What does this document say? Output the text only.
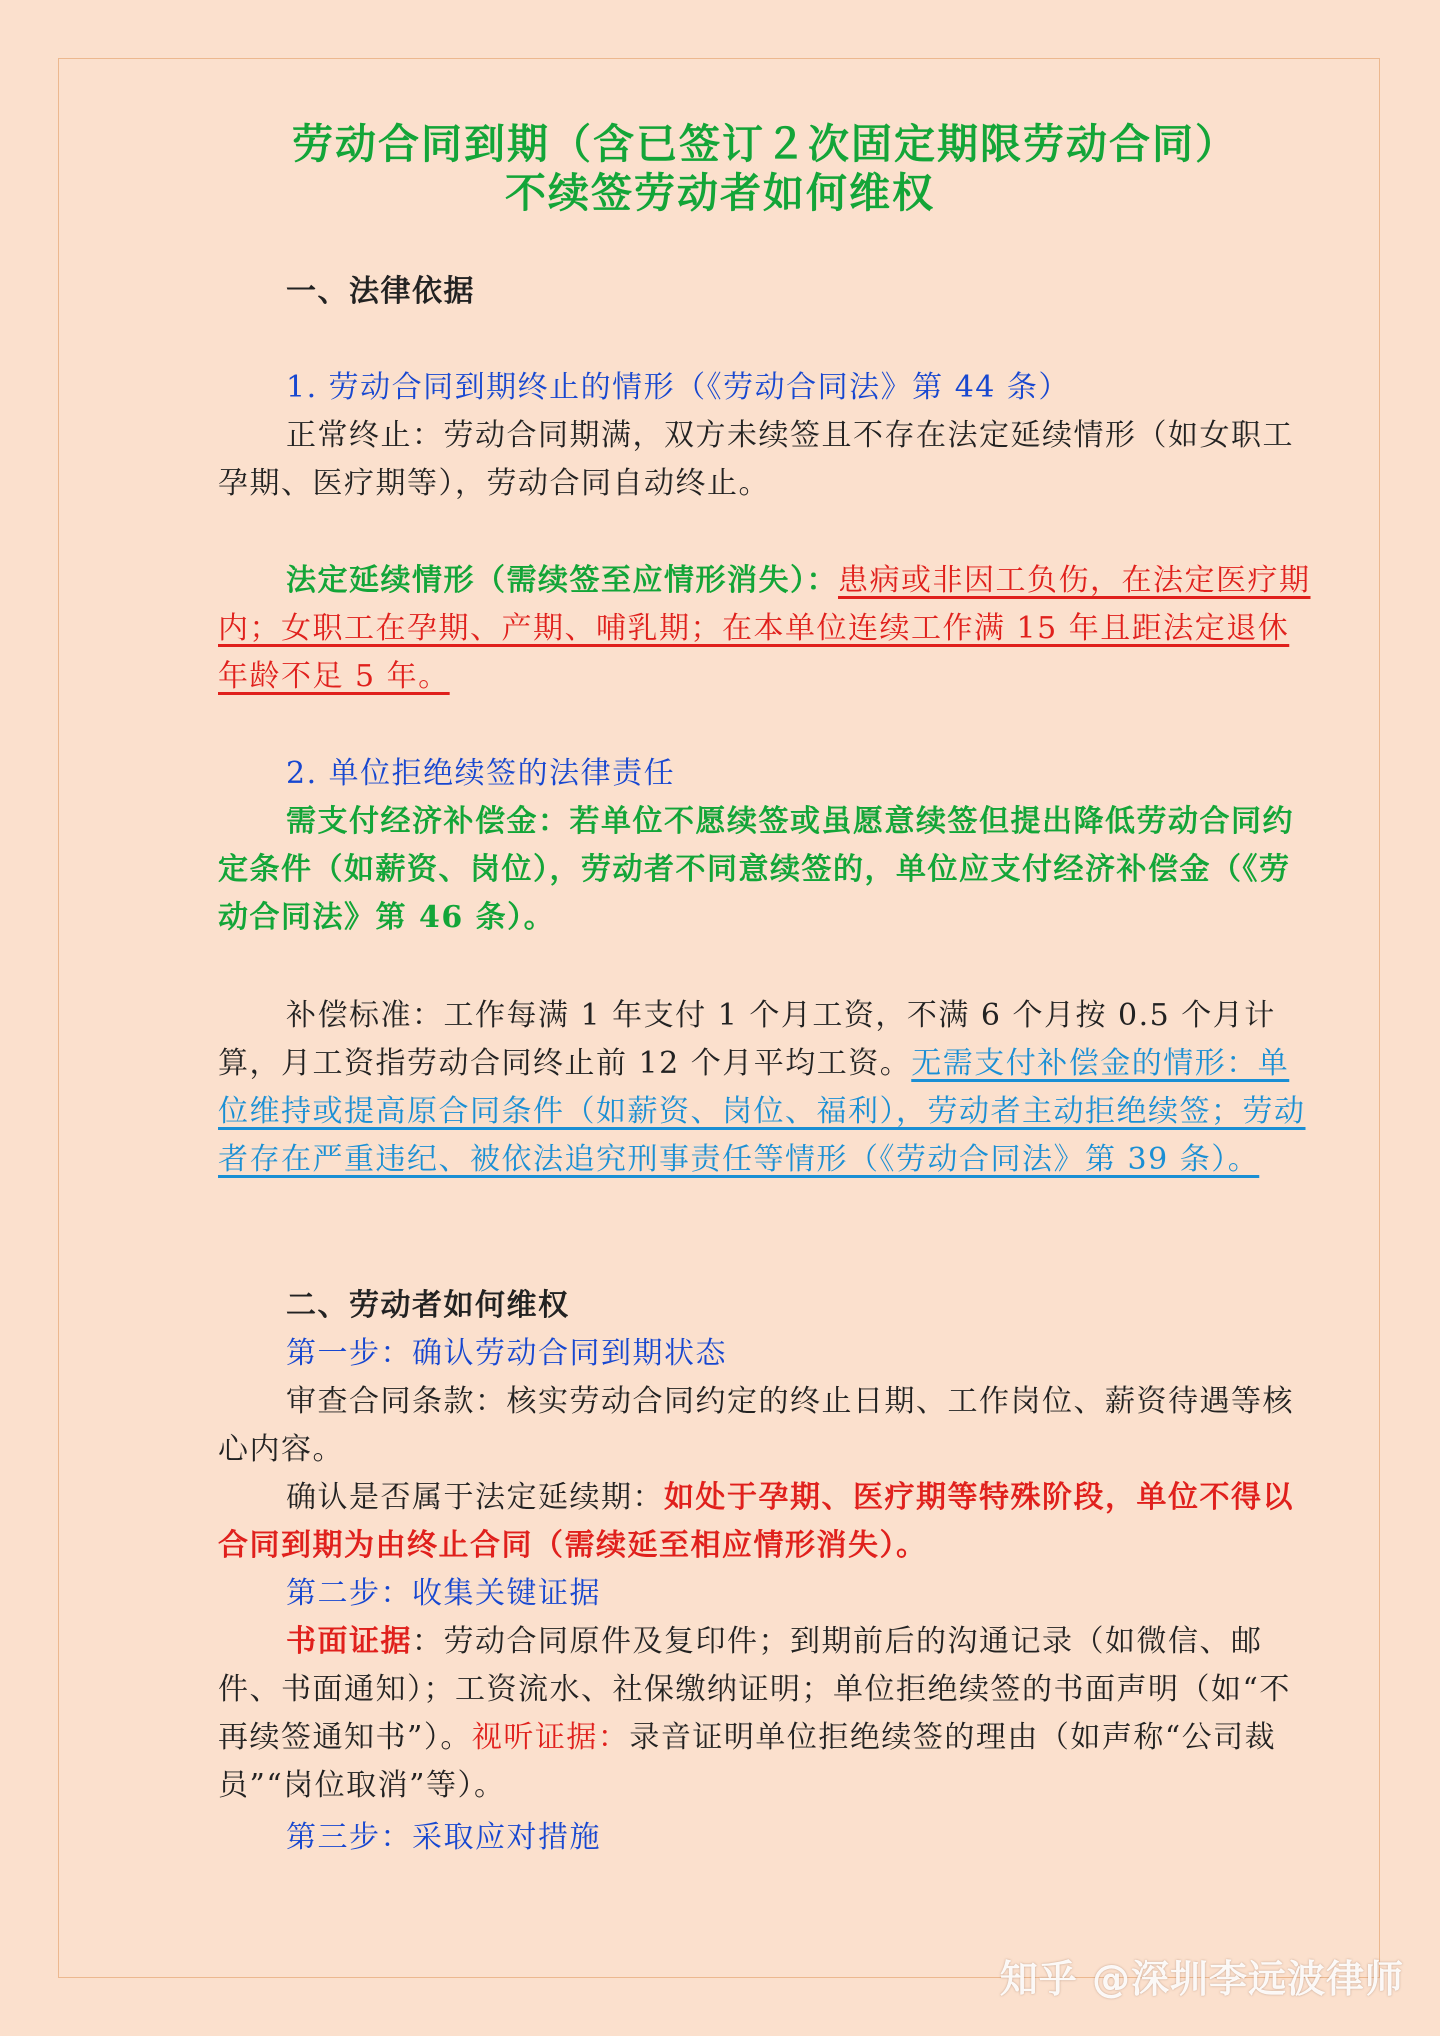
劳动合同到期（含已签订２次固定期限劳动合同）
不续签劳动者如何维权
一、法律依据
1. 劳动合同到期终止的情形（《劳动合同法》第 44 条）
正常终止：劳动合同期满，双方未续签且不存在法定延续情形（如女职工孕期、医疗期等），劳动合同自动终止。
法定延续情形（需续签至应情形消失）：患病或非因工负伤，在法定医疗期内；女职工在孕期、产期、哺乳期；在本单位连续工作满 15 年且距法定退休年龄不足 5 年。
2. 单位拒绝续签的法律责任
需支付经济补偿金：若单位不愿续签或虽愿意续签但提出降低劳动合同约定条件（如薪资、岗位），劳动者不同意续签的，单位应支付经济补偿金（《劳动合同法》第 46 条）。
补偿标准：工作每满 1 年支付 1 个月工资，不满 6 个月按 0.5 个月计算，月工资指劳动合同终止前 12 个月平均工资。无需支付补偿金的情形：单位维持或提高原合同条件（如薪资、岗位、福利），劳动者主动拒绝续签；劳动者存在严重违纪、被依法追究刑事责任等情形（《劳动合同法》第 39 条）。
二、劳动者如何维权
第一步：确认劳动合同到期状态
审查合同条款：核实劳动合同约定的终止日期、工作岗位、薪资待遇等核心内容。
确认是否属于法定延续期：如处于孕期、医疗期等特殊阶段，单位不得以合同到期为由终止合同（需续延至相应情形消失）。
第二步：收集关键证据
书面证据：劳动合同原件及复印件；到期前后的沟通记录（如微信、邮件、书面通知）；工资流水、社保缴纳证明；单位拒绝续签的书面声明（如“不再续签通知书”）。视听证据：录音证明单位拒绝续签的理由（如声称“公司裁员”“岗位取消”等）。
第三步：采取应对措施
知乎 @深圳李远波律师
